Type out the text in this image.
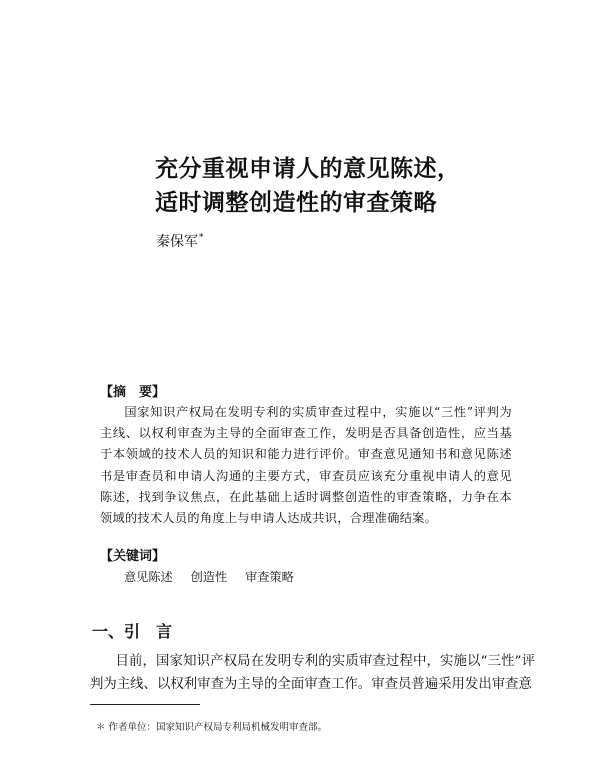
充分重视申请人的意见陈述，
适时调整创造性的审查策略
秦保军*
【摘　要】
国家知识产权局在发明专利的实质审查过程中，实施以“三性”评判为主线、以权利审查为主导的全面审查工作，发明是否具备创造性，应当基于本领域的技术人员的知识和能力进行评价。审查意见通知书和意见陈述书是审查员和申请人沟通的主要方式，审查员应该充分重视申请人的意见陈述，找到争议焦点，在此基础上适时调整创造性的审查策略，力争在本领域的技术人员的角度上与申请人达成共识，合理准确结案。
【关键词】
意见陈述 创造性 审查策略
一、引　言
目前，国家知识产权局在发明专利的实质审查过程中，实施以“三性”评判为主线、以权利审查为主导的全面审查工作。审查员普遍采用发出审查意
＊ 作者单位：国家知识产权局专利局机械发明审查部。
